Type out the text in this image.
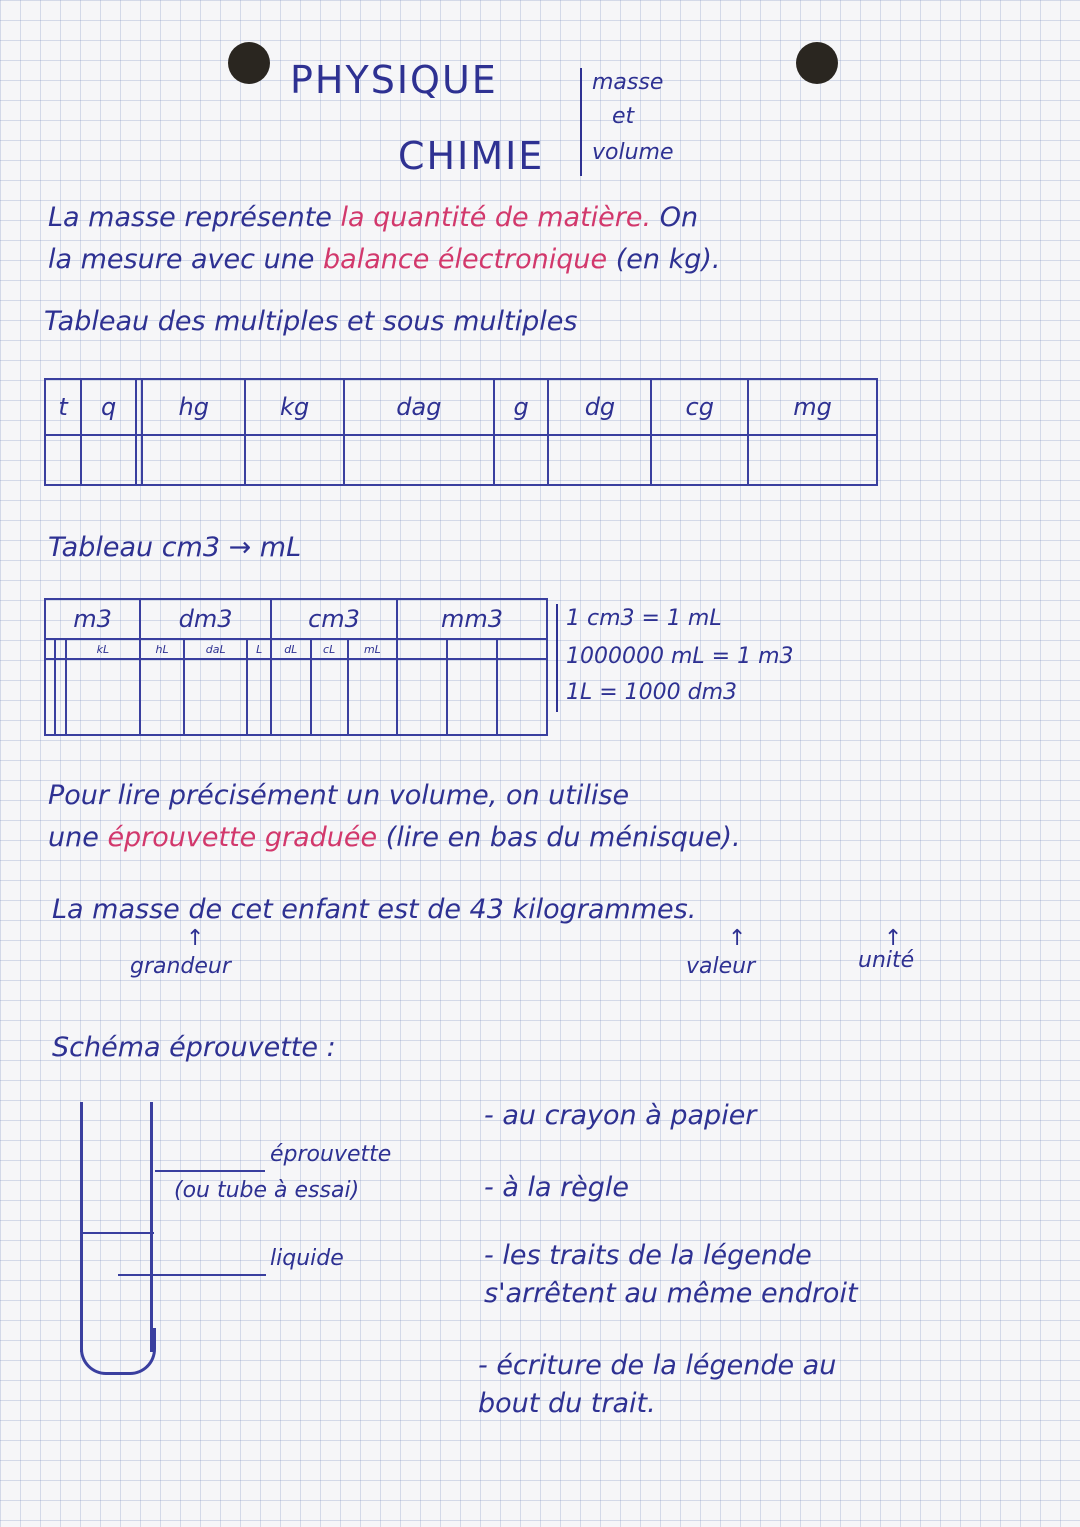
PHYSIQUE
CHIMIE
masse
et
volume
La masse représente la quantité de matière. On
la mesure avec une balance électronique (en kg).
Tableau des multiples et sous multiples
t	q		hg	kg	dag	g	dg	cg	mg

Tableau cm3 → mL
m3			dm3			cm3			mm3		
		kL	hL	daL	L	dL	cL	mL			

1 cm3 = 1 mL
1000000 mL = 1 m3
1L = 1000 dm3
Pour lire précisément un volume, on utilise
une éprouvette graduée (lire en bas du ménisque).
La masse de cet enfant est de 43 kilogrammes.
↑	↑	↑
grandeur	valeur	unité
Schéma éprouvette :
éprouvette
(ou tube à essai)
liquide
- au crayon à papier
- à la règle
- les traits de la légende
s'arrêtent au même endroit
- écriture de la légende au
bout du trait.
